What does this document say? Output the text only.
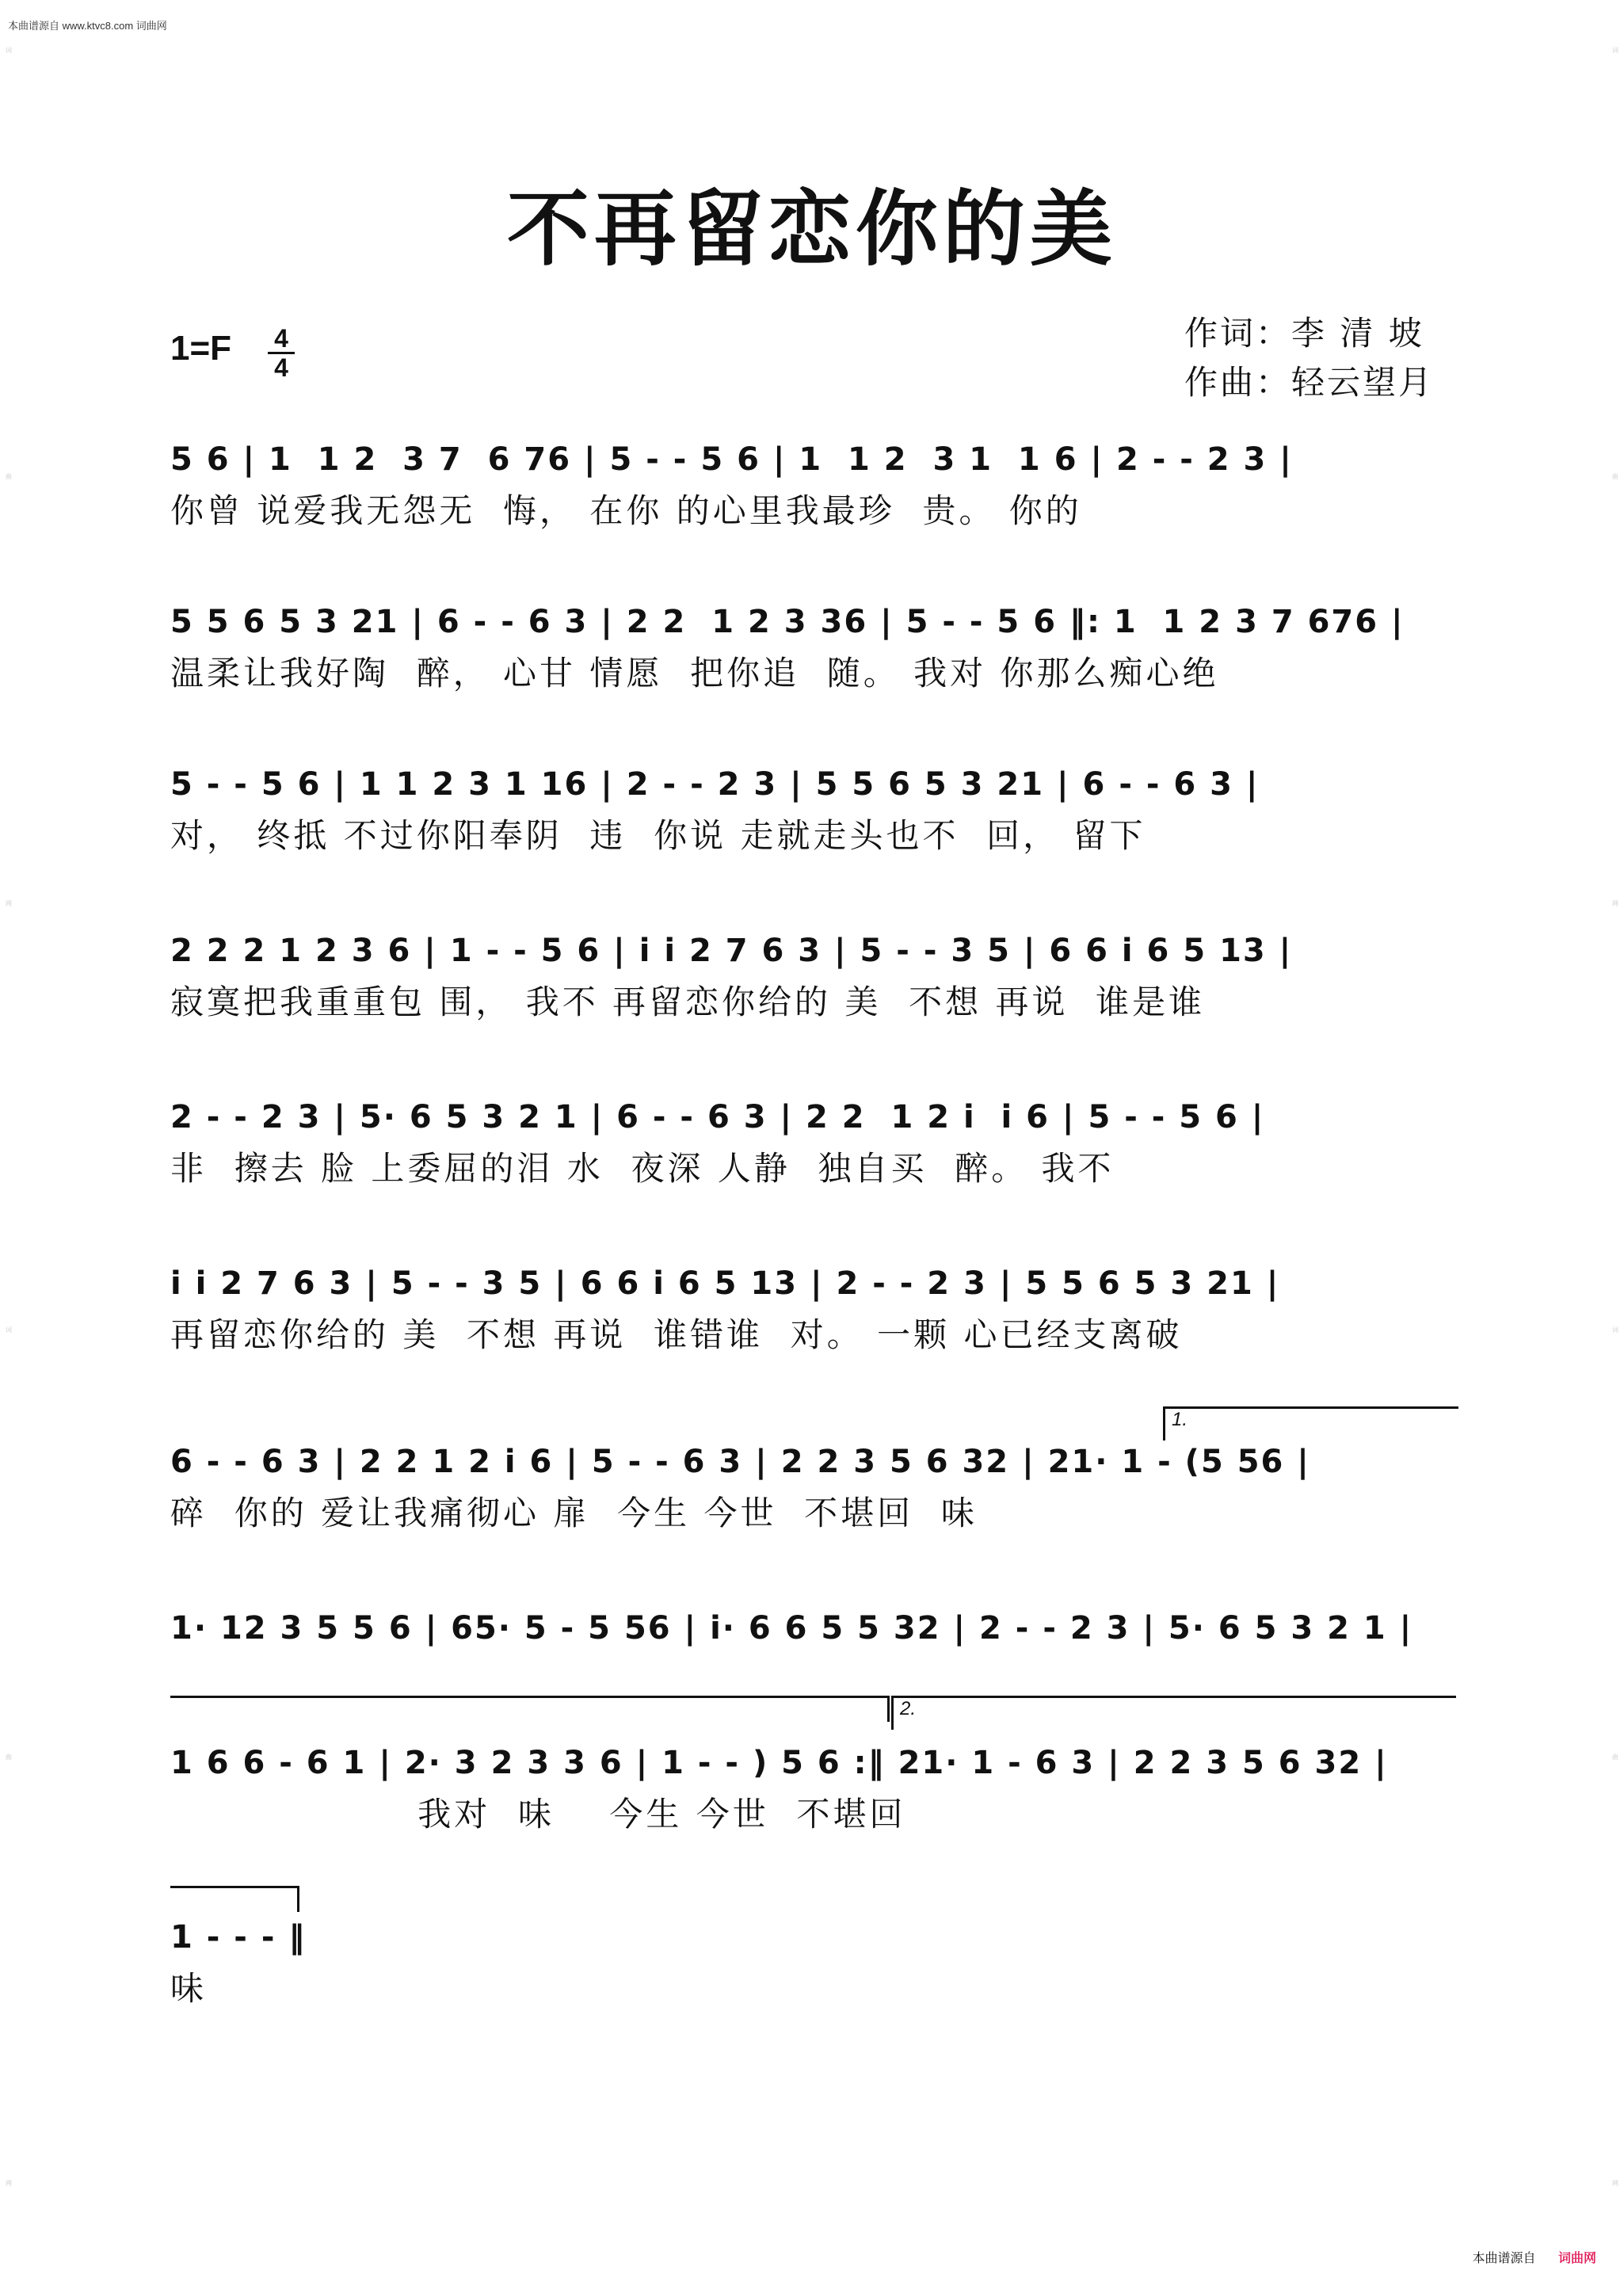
本曲谱源自 www.ktvc8.com 词曲网
词
曲
网
词
曲
网
词
曲
网
词
曲
网
不再留恋你的美
1=F 4
4
作词：李 清 坡
作曲：轻云望月
5 6 | 1  1 2  3 7  6 76 | 5 - - 5 6 | 1  1 2  3 1  1 6 | 2 - - 2 3 |
你曾 说爱我无怨无  悔， 在你 的心里我最珍  贵。 你的
5 5 6 5 3 21 | 6 - - 6 3 | 2 2  1 2 3 36 | 5 - - 5 6 ‖: 1  1 2 3 7 676 |
温柔让我好陶  醉， 心甘 情愿  把你追  随。 我对 你那么痴心绝
5 - - 5 6 | 1 1 2 3 1 16 | 2 - - 2 3 | 5 5 6 5 3 21 | 6 - - 6 3 |
对， 终抵 不过你阳奉阴  违  你说 走就走头也不  回， 留下
2 2 2 1 2 3 6 | 1 - - 5 6 | i i 2 7 6 3 | 5 - - 3 5 | 6 6 i 6 5 13 |
寂寞把我重重包 围， 我不 再留恋你给的 美  不想 再说  谁是谁
2 - - 2 3 | 5· 6 5 3 2 1 | 6 - - 6 3 | 2 2  1 2 i  i 6 | 5 - - 5 6 |
非  擦去 脸 上委屈的泪 水  夜深 人静  独自买  醉。 我不
i i 2 7 6 3 | 5 - - 3 5 | 6 6 i 6 5 13 | 2 - - 2 3 | 5 5 6 5 3 21 |
再留恋你给的 美  不想 再说  谁错谁  对。 一颗 心已经支离破
1.
6 - - 6 3 | 2 2 1 2 i 6 | 5 - - 6 3 | 2 2 3 5 6 32 | 21· 1 - (5 56 |
碎  你的 爱让我痛彻心 扉  今生 今世  不堪回  味
1· 12 3 5 5 6 | 65· 5 - 5 56 | i· 6 6 5 5 32 | 2 - - 2 3 | 5· 6 5 3 2 1 |
2.
1 6 6 - 6 1 | 2· 3 2 3 3 6 | 1 - - ) 5 6 :‖ 21· 1 - 6 3 | 2 2 3 5 6 32 |
我对  味    今生 今世  不堪回
1 - - - ‖
味
本曲谱源自 词曲网
